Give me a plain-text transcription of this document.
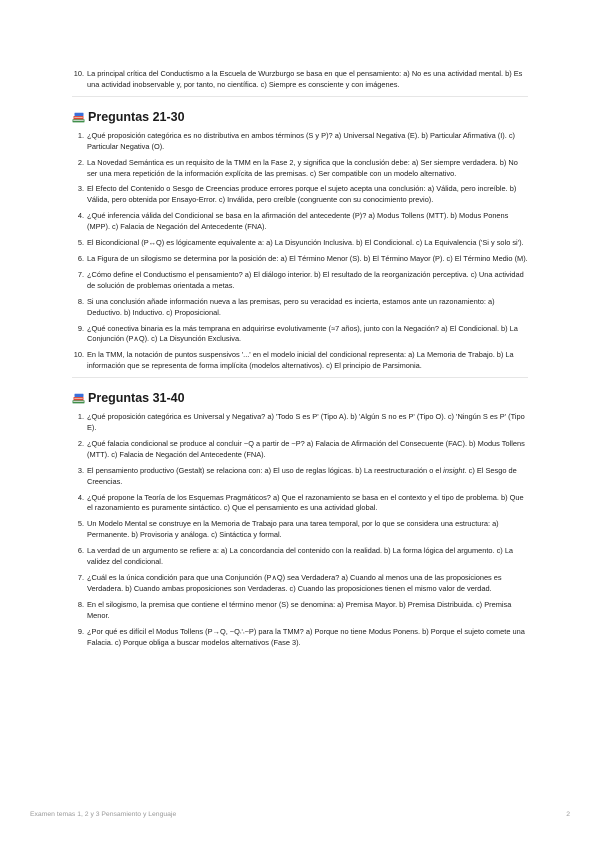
10. La principal crítica del Conductismo a la Escuela de Wurzburgo se basa en que el pensamiento: a) No es una actividad mental. b) Es una actividad inobservable y, por tanto, no científica. c) Siempre es consciente y con imágenes.
Preguntas 21-30
1. ¿Qué proposición categórica es no distributiva en ambos términos (S y P)? a) Universal Negativa (E). b) Particular Afirmativa (I). c) Particular Negativa (O).
2. La Novedad Semántica es un requisito de la TMM en la Fase 2, y significa que la conclusión debe: a) Ser siempre verdadera. b) No ser una mera repetición de la información explícita de las premisas. c) Ser compatible con un modelo alternativo.
3. El Efecto del Contenido o Sesgo de Creencias produce errores porque el sujeto acepta una conclusión: a) Válida, pero increíble. b) Válida, pero obtenida por Ensayo-Error. c) Inválida, pero creíble (congruente con su conocimiento previo).
4. ¿Qué inferencia válida del Condicional se basa en la afirmación del antecedente (P)? a) Modus Tollens (MTT). b) Modus Ponens (MPP). c) Falacia de Negación del Antecedente (FNA).
5. El Bicondicional (P↔Q) es lógicamente equivalente a: a) La Disyunción Inclusiva. b) El Condicional. c) La Equivalencia ('Si y solo si').
6. La Figura de un silogismo se determina por la posición de: a) El Término Menor (S). b) El Término Mayor (P). c) El Término Medio (M).
7. ¿Cómo define el Conductismo el pensamiento? a) El diálogo interior. b) El resultado de la reorganización perceptiva. c) Una actividad de solución de problemas orientada a metas.
8. Si una conclusión añade información nueva a las premisas, pero su veracidad es incierta, estamos ante un razonamiento: a) Deductivo. b) Inductivo. c) Proposicional.
9. ¿Qué conectiva binaria es la más temprana en adquirirse evolutivamente (≈7 años), junto con la Negación? a) El Condicional. b) La Conjunción (P∧Q). c) La Disyunción Exclusiva.
10. En la TMM, la notación de puntos suspensivos '...' en el modelo inicial del condicional representa: a) La Memoria de Trabajo. b) La información que se representa de forma implícita (modelos alternativos). c) El principio de Parsimonia.
Preguntas 31-40
1. ¿Qué proposición categórica es Universal y Negativa? a) 'Todo S es P' (Tipo A). b) 'Algún S no es P' (Tipo O). c) 'Ningún S es P' (Tipo E).
2. ¿Qué falacia condicional se produce al concluir ~Q a partir de ~P? a) Falacia de Afirmación del Consecuente (FAC). b) Modus Tollens (MTT). c) Falacia de Negación del Antecedente (FNA).
3. El pensamiento productivo (Gestalt) se relaciona con: a) El uso de reglas lógicas. b) La reestructuración o el insight. c) El Sesgo de Creencias.
4. ¿Qué propone la Teoría de los Esquemas Pragmáticos? a) Que el razonamiento se basa en el contexto y el tipo de problema. b) Que el razonamiento es puramente sintáctico. c) Que el pensamiento es una actividad global.
5. Un Modelo Mental se construye en la Memoria de Trabajo para una tarea temporal, por lo que se considera una estructura: a) Permanente. b) Provisoria y análoga. c) Sintáctica y formal.
6. La verdad de un argumento se refiere a: a) La concordancia del contenido con la realidad. b) La forma lógica del argumento. c) La validez del condicional.
7. ¿Cuál es la única condición para que una Conjunción (P∧Q) sea Verdadera? a) Cuando al menos una de las proposiciones es Verdadera. b) Cuando ambas proposiciones son Verdaderas. c) Cuando las proposiciones tienen el mismo valor de verdad.
8. En el silogismo, la premisa que contiene el término menor (S) se denomina: a) Premisa Mayor. b) Premisa Distribuida. c) Premisa Menor.
9. ¿Por qué es difícil el Modus Tollens (P→Q, ~Q∴~P) para la TMM? a) Porque no tiene Modus Ponens. b) Porque el sujeto comete una Falacia. c) Porque obliga a buscar modelos alternativos (Fase 3).
Examen temas 1, 2 y 3 Pensamiento y Lenguaje	2
